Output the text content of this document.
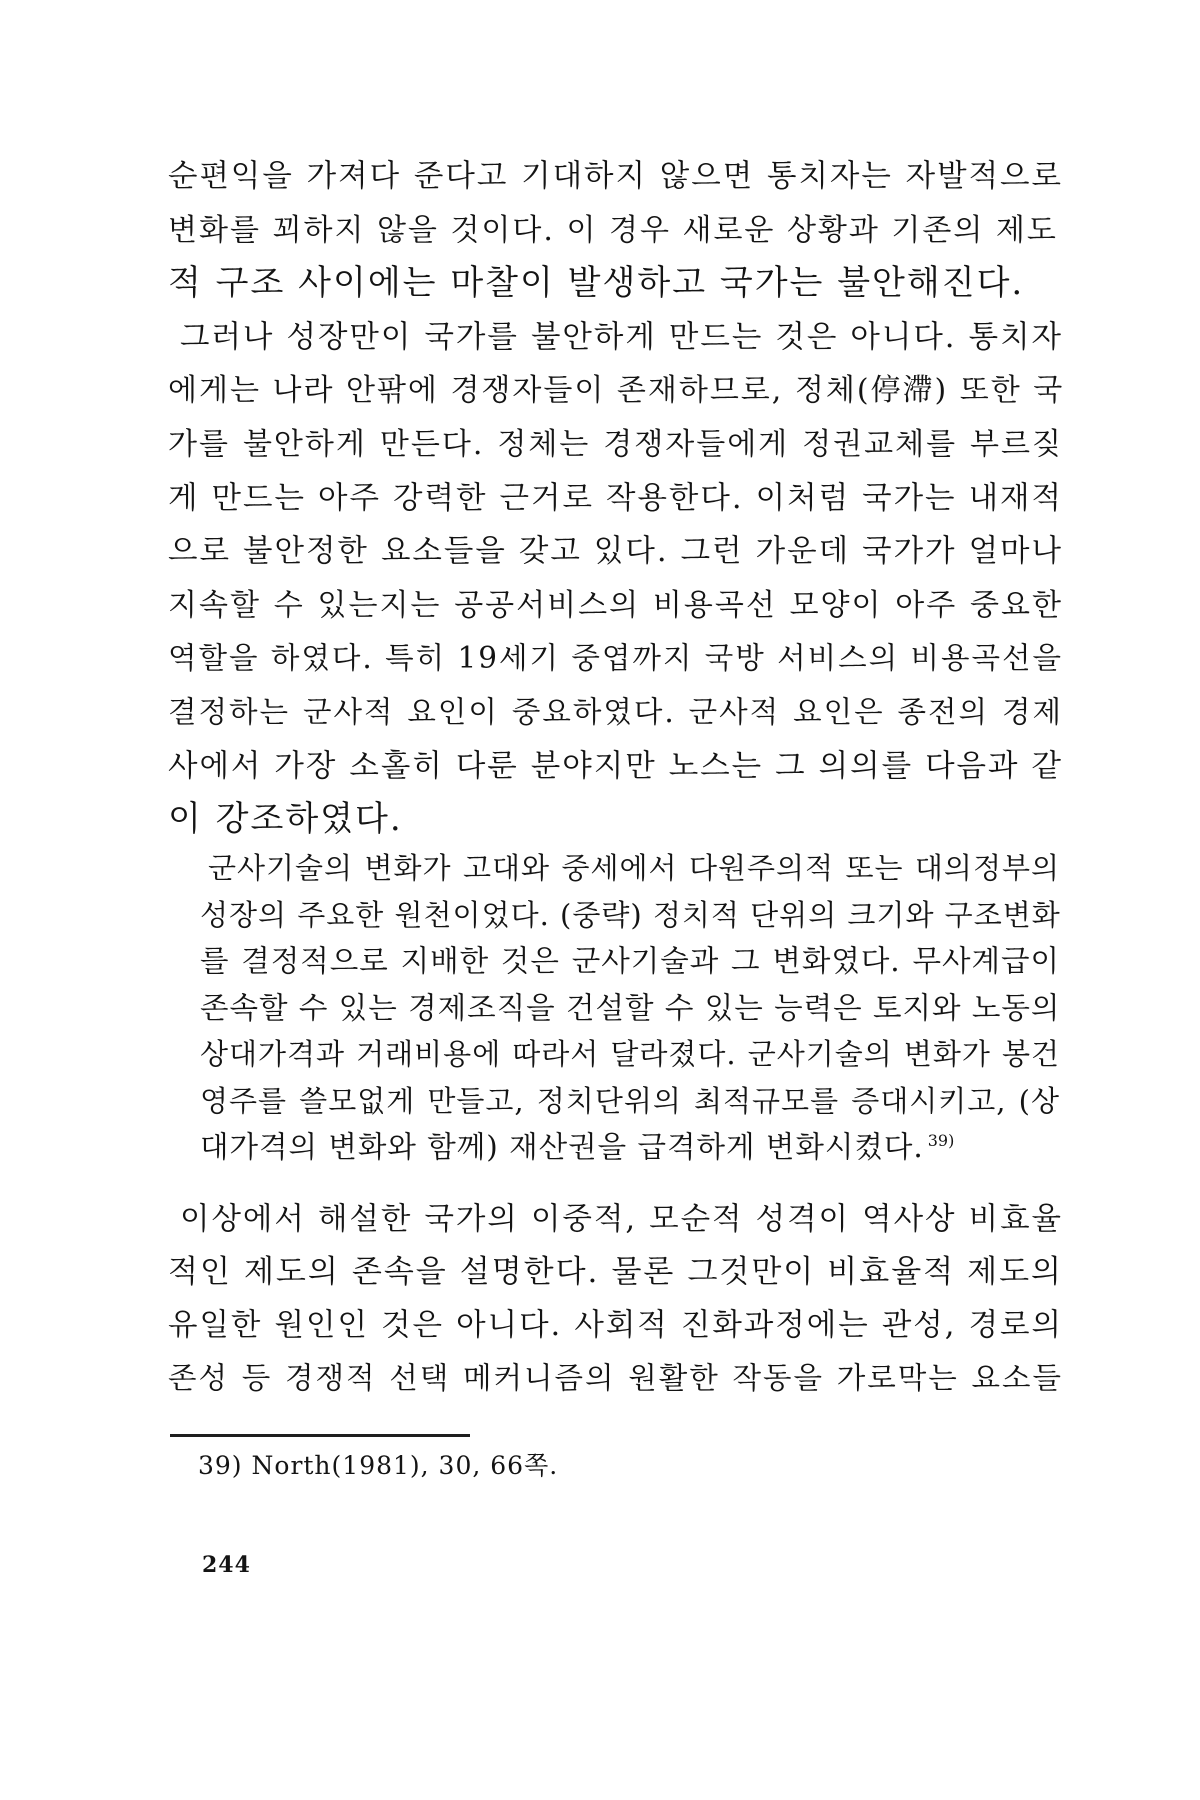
순편익을 가져다 준다고 기대하지 않으면 통치자는 자발적으로
변화를 꾀하지 않을 것이다. 이 경우 새로운 상황과 기존의 제도
적 구조 사이에는 마찰이 발생하고 국가는 불안해진다.
그러나 성장만이 국가를 불안하게 만드는 것은 아니다. 통치자
에게는 나라 안팎에 경쟁자들이 존재하므로, 정체(停滯) 또한 국
가를 불안하게 만든다. 정체는 경쟁자들에게 정권교체를 부르짖
게 만드는 아주 강력한 근거로 작용한다. 이처럼 국가는 내재적
으로 불안정한 요소들을 갖고 있다. 그런 가운데 국가가 얼마나
지속할 수 있는지는 공공서비스의 비용곡선 모양이 아주 중요한
역할을 하였다. 특히 19세기 중엽까지 국방 서비스의 비용곡선을
결정하는 군사적 요인이 중요하였다. 군사적 요인은 종전의 경제
사에서 가장 소홀히 다룬 분야지만 노스는 그 의의를 다음과 같
이 강조하였다.
군사기술의 변화가 고대와 중세에서 다원주의적 또는 대의정부의
성장의 주요한 원천이었다. (중략) 정치적 단위의 크기와 구조변화
를 결정적으로 지배한 것은 군사기술과 그 변화였다. 무사계급이
존속할 수 있는 경제조직을 건설할 수 있는 능력은 토지와 노동의
상대가격과 거래비용에 따라서 달라졌다. 군사기술의 변화가 봉건
영주를 쓸모없게 만들고, 정치단위의 최적규모를 증대시키고, (상
대가격의 변화와 함께) 재산권을 급격하게 변화시켰다. $^{39)}$
이상에서 해설한 국가의 이중적, 모순적 성격이 역사상 비효율
적인 제도의 존속을 설명한다. 물론 그것만이 비효율적 제도의
유일한 원인인 것은 아니다. 사회적 진화과정에는 관성, 경로의
존성 등 경쟁적 선택 메커니즘의 원활한 작동을 가로막는 요소들
39) North(1981), 30, 66쪽.
244
